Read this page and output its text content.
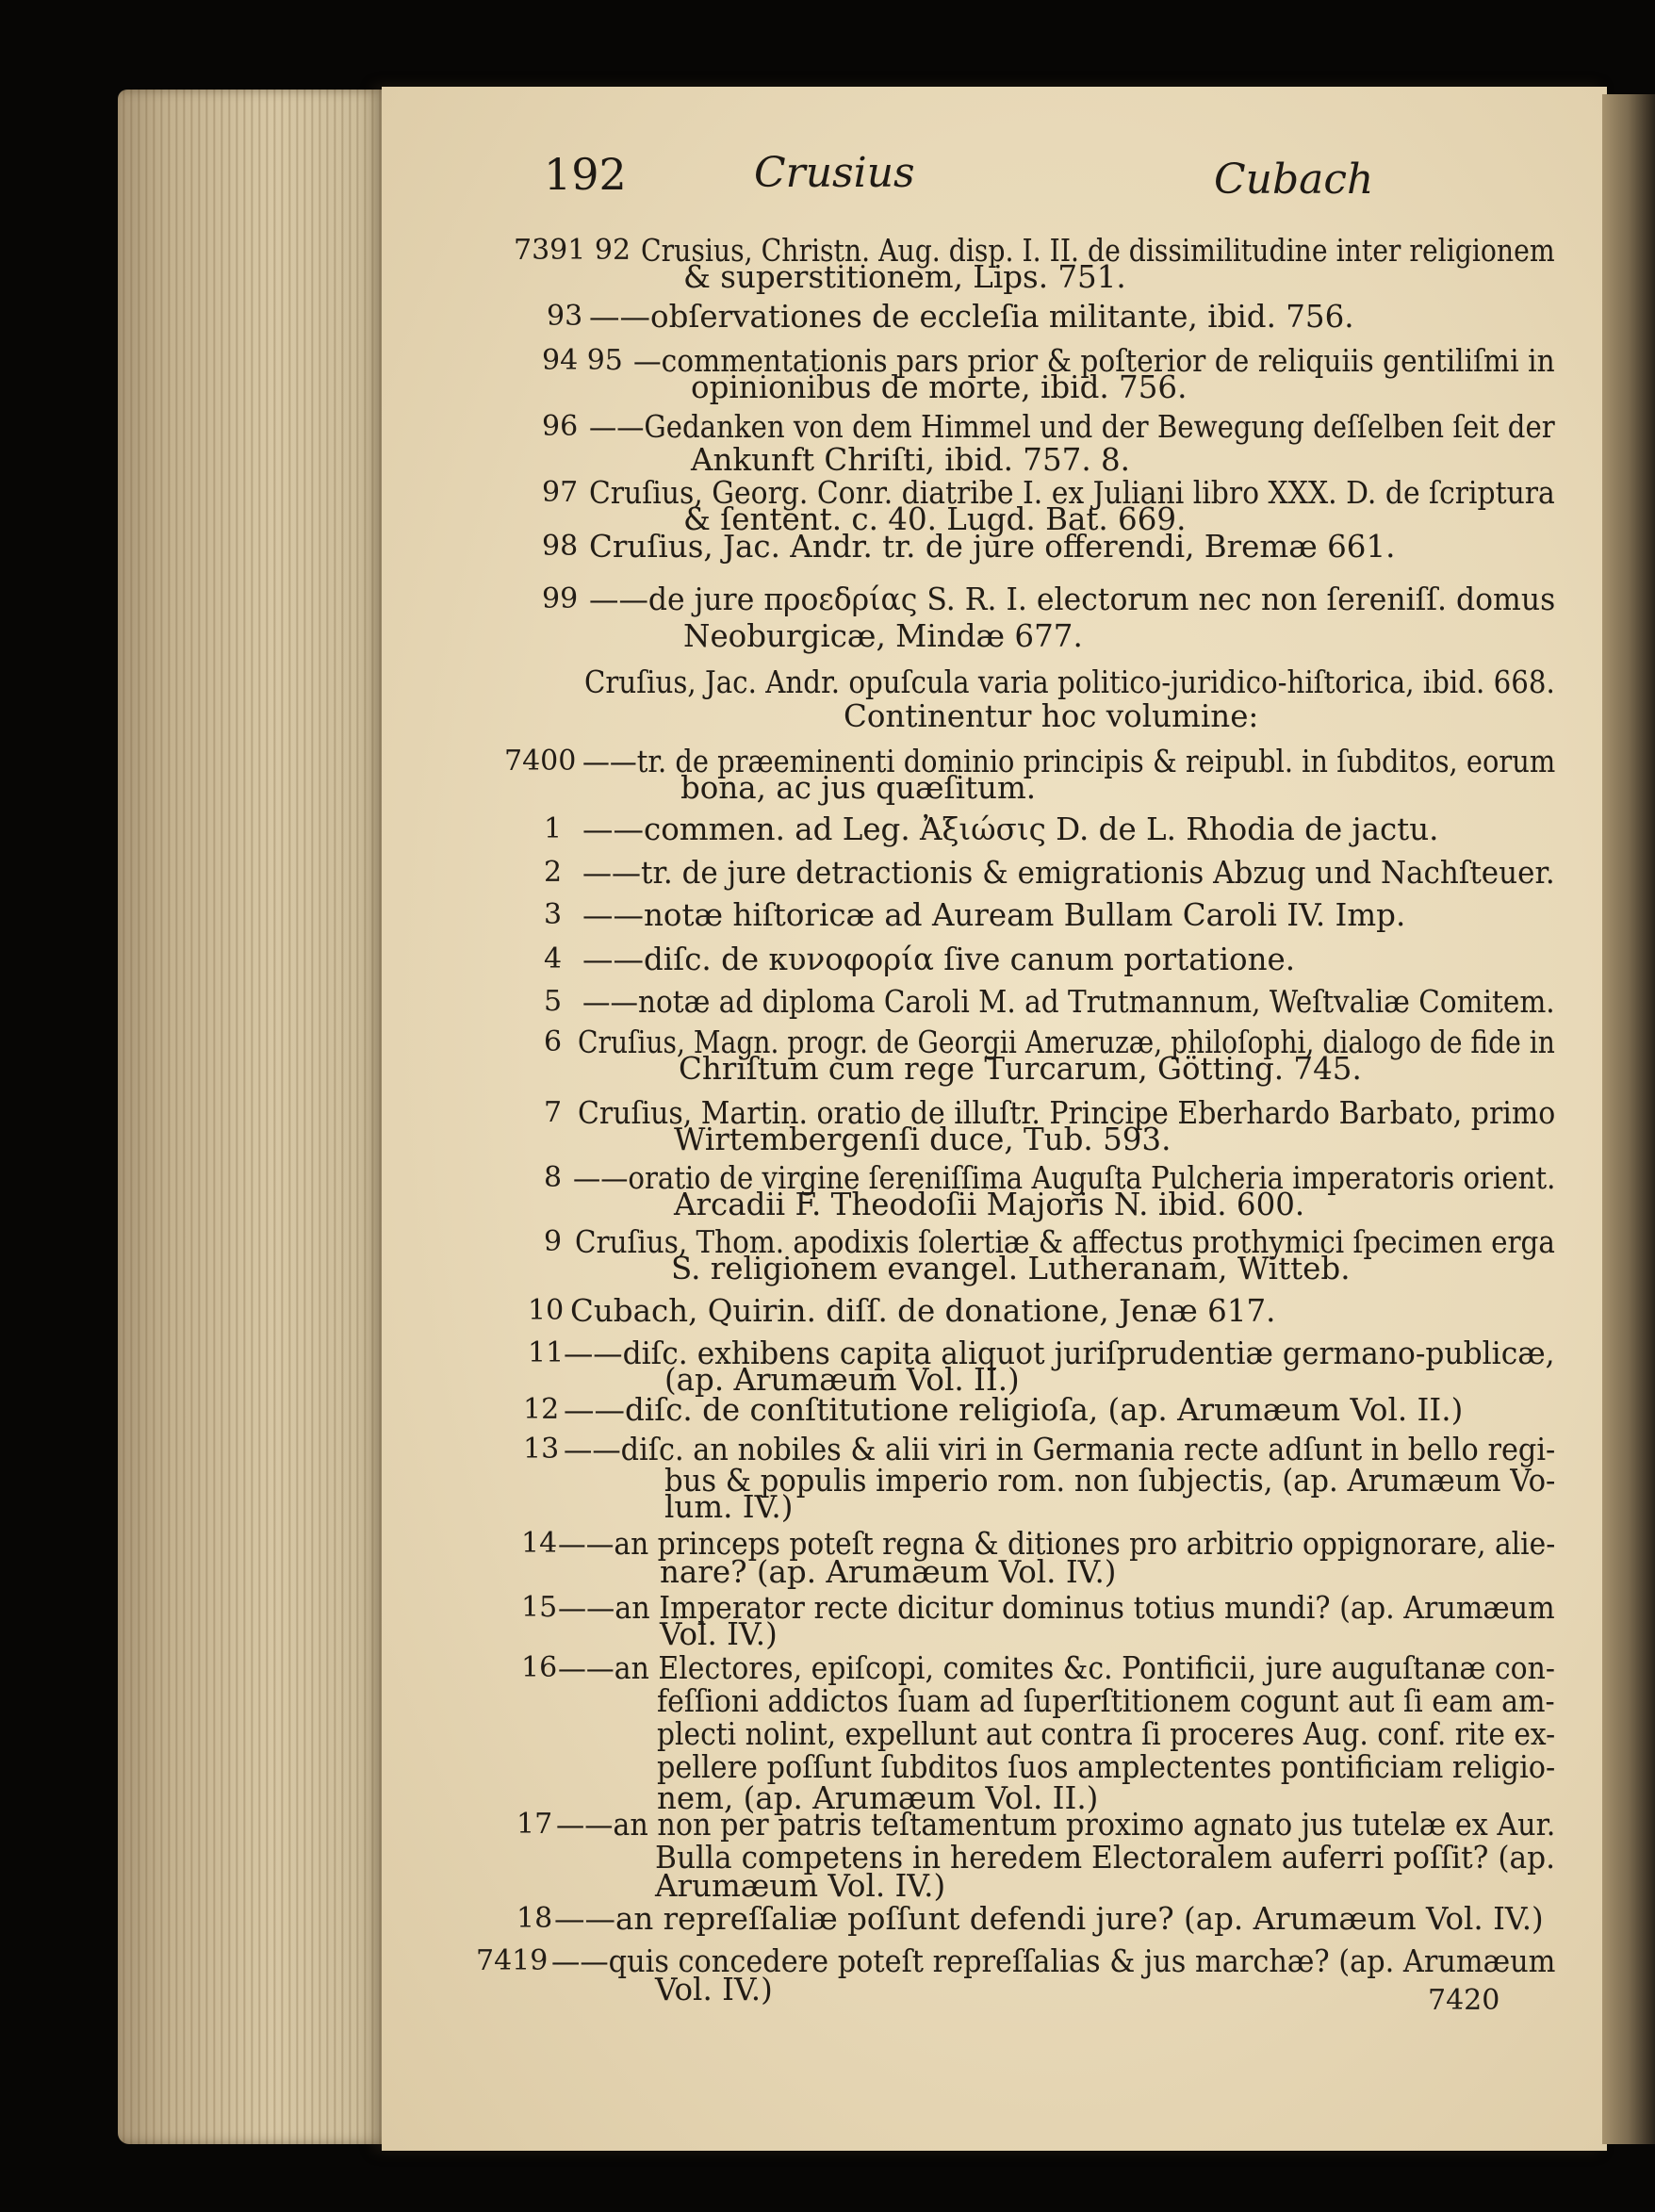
192	Crusius	Cubach
7391 92 Crusius, Christn. Aug. disp. I. II. de dissimilitudine inter religionem
& superstitionem, Lips. 751.
93 ——obſervationes de eccleſia militante, ibid. 756.
94 95 —commentationis pars prior & poſterior de reliquiis gentiliſmi in
opinionibus de morte, ibid. 756.
96 ——Gedanken von dem Himmel und der Bewegung deſſelben ſeit der
Ankunft Chriſti, ibid. 757. 8.
97 Cruſius, Georg. Conr. diatribe I. ex Juliani libro XXX. D. de ſcriptura
& ſentent. c. 40. Lugd. Bat. 669.
98 Cruſius, Jac. Andr. tr. de jure offerendi, Bremæ 661.
99 ——de jure προεδρίας S. R. I. electorum nec non ſereniſſ. domus
Neoburgicæ, Mindæ 677.
Cruſius, Jac. Andr. opuſcula varia politico-juridico-hiſtorica, ibid. 668.
Continentur hoc volumine:
7400 ——tr. de præeminenti dominio principis & reipubl. in ſubditos, eorum
bona, ac jus quæſitum.
1 ——commen. ad Leg. Ἀξιώσις D. de L. Rhodia de jactu.
2 ——tr. de jure detractionis & emigrationis Abzug und Nachſteuer.
3 ——notæ hiſtoricæ ad Auream Bullam Caroli IV. Imp.
4 ——diſc. de κυνοφορία ſive canum portatione.
5 ——notæ ad diploma Caroli M. ad Trutmannum, Weſtvaliæ Comitem.
6 Cruſius, Magn. progr. de Georgii Ameruzæ, philoſophi, dialogo de fide in
Chriſtum cum rege Turcarum, Götting. 745.
7 Cruſius, Martin. oratio de illuſtr. Principe Eberhardo Barbato, primo
Wirtembergenſi duce, Tub. 593.
8 ——oratio de virgine ſereniſſima Auguſta Pulcheria imperatoris orient.
Arcadii F. Theodoſii Majoris N. ibid. 600.
9 Cruſius, Thom. apodixis ſolertiæ & affectus prothymici ſpecimen erga
S. religionem evangel. Lutheranam, Witteb.
10 Cubach, Quirin. diſſ. de donatione, Jenæ 617.
11 ——diſc. exhibens capita aliquot juriſprudentiæ germano-publicæ,
(ap. Arumæum Vol. II.)
12 ——diſc. de conſtitutione religioſa, (ap. Arumæum Vol. II.)
13 ——diſc. an nobiles & alii viri in Germania recte adſunt in bello regi-
bus & populis imperio rom. non ſubjectis, (ap. Arumæum Vo-
lum. IV.)
14 ——an princeps poteſt regna & ditiones pro arbitrio oppignorare, alie-
nare? (ap. Arumæum Vol. IV.)
15 ——an Imperator recte dicitur dominus totius mundi? (ap. Arumæum
Vol. IV.)
16 ——an Electores, epiſcopi, comites &c. Pontificii, jure auguſtanæ con-
feſſioni addictos ſuam ad ſuperſtitionem cogunt aut ſi eam am-
plecti nolint, expellunt aut contra ſi proceres Aug. conf. rite ex-
pellere poſſunt ſubditos ſuos amplectentes pontificiam religio-
nem, (ap. Arumæum Vol. II.)
17 ——an non per patris teſtamentum proximo agnato jus tutelæ ex Aur.
Bulla competens in heredem Electoralem auferri poſſit? (ap.
Arumæum Vol. IV.)
18 ——an repreſſaliæ poſſunt defendi jure? (ap. Arumæum Vol. IV.)
7419 ——quis concedere poteſt repreſſalias & jus marchæ? (ap. Arumæum
Vol. IV.)	7420
